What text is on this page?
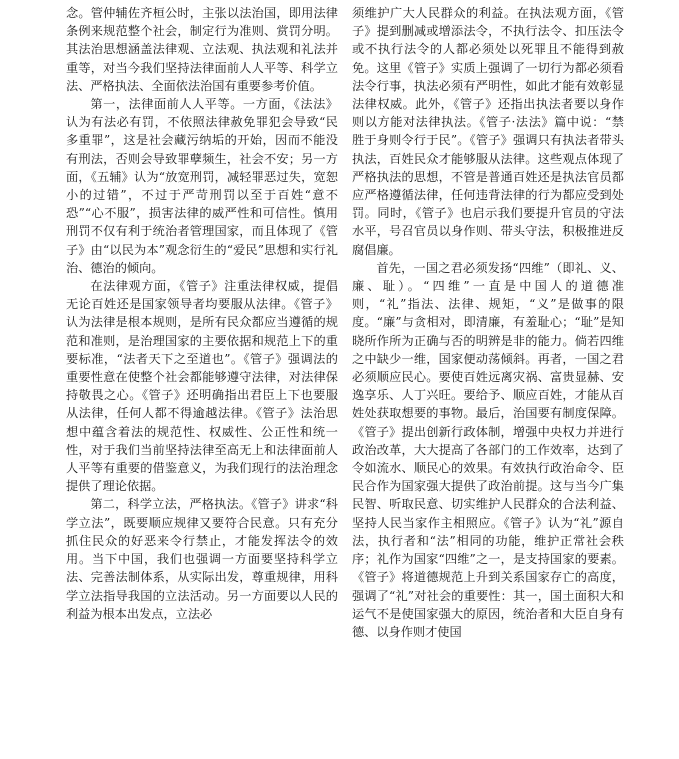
念。管仲辅佐齐桓公时，主张以法治国，即用法律条例来规范整个社会，制定行为准则、赏罚分明。其法治思想涵盖法律观、立法观、执法观和礼法并重等，对当今我们坚持法律面前人人平等、科学立法、严格执法、全面依法治国有重要参考价值。

第一，法律面前人人平等。一方面，《法法》认为有法必有罚，不依照法律赦免罪犯会导致“民多重罪”，这是社会藏污纳垢的开始，因而不能没有刑法，否则会导致罪孽频生，社会不安；另一方面，《五辅》认为“放宽刑罚，减轻罪恶过失，宽恕小的过错”，不过于严苛刑罚以至于百姓“意不恐”“心不服”，损害法律的威严性和可信性。慎用刑罚不仅有利于统治者管理国家，而且体现了《管子》由“以民为本”观念衍生的“爱民”思想和实行礼治、德治的倾向。

在法律观方面，《管子》注重法律权威，提倡无论百姓还是国家领导者均要服从法律。《管子》认为法律是根本规则，是所有民众都应当遵循的规范和准则，是治理国家的主要依据和规范上下的重要标准，“法者天下之至道也”。《管子》强调法的重要性意在使整个社会都能够遵守法律，对法律保持敬畏之心。《管子》还明确指出君臣上下也要服从法律，任何人都不得逾越法律。《管子》法治思想中蕴含着法的规范性、权威性、公正性和统一性，对于我们当前坚持法律至高无上和法律面前人人平等有重要的借鉴意义，为我们现行的法治理念提供了理论依据。

第二，科学立法，严格执法。《管子》讲求“科学立法”，既要顺应规律又要符合民意。只有充分抓住民众的好恶来令行禁止，才能发挥法令的效用。当下中国，我们也强调一方面要坚持科学立法、完善法制体系，从实际出发，尊重规律，用科学立法指导我国的立法活动。另一方面要以人民的利益为根本出发点，立法必

须维护广大人民群众的利益。在执法观方面，《管子》提到删减或增添法令，不执行法令、扣压法令或不执行法令的人都必须处以死罪且不能得到赦免。这里《管子》实质上强调了一切行为都必须看法令行事，执法必须有严明性，如此才能有效彰显法律权威。此外，《管子》还指出执法者要以身作则以方能对法律执法。《管子·法法》篇中说：“禁胜于身则令行于民”。《管子》强调只有执法者带头执法，百姓民众才能够服从法律。这些观点体现了严格执法的思想，不管是普通百姓还是执法官员都应严格遵循法律，任何违背法律的行为都应受到处罚。同时，《管子》也启示我们要提升官员的守法水平，号召官员以身作则、带头守法，积极推进反腐倡廉。

首先，一国之君必须发扬“四维”（即礼、义、廉、耻）。“四维”一直是中国人的道德准则，“礼”指法、法律、规矩，“义”是做事的限度。“廉”与贪相对，即清廉，有羞耻心；“耻”是知晓所作所为正确与否的明辨是非的能力。倘若四维之中缺少一维，国家便动荡倾斜。再者，一国之君必须顺应民心。要使百姓远离灾祸、富贵显赫、安逸享乐、人丁兴旺。要给予、顺应百姓，才能从百姓处获取想要的事物。最后，治国要有制度保障。《管子》提出创新行政体制，增强中央权力并进行政治改革，大大提高了各部门的工作效率，达到了令如流水、顺民心的效果。有效执行政治命令、臣民合作为国家强大提供了政治前提。这与当今广集民智、听取民意、切实维护人民群众的合法利益、坚持人民当家作主相照应。《管子》认为“礼”源自法，执行者和“法”相同的功能，维护正常社会秩序；礼作为国家“四维”之一，是支持国家的要素。《管子》将道德规范上升到关系国家存亡的高度，强调了“礼”对社会的重要性：其一，国土面积大和运气不是使国家强大的原因，统治者和大臣自身有德、以身作则才使国
